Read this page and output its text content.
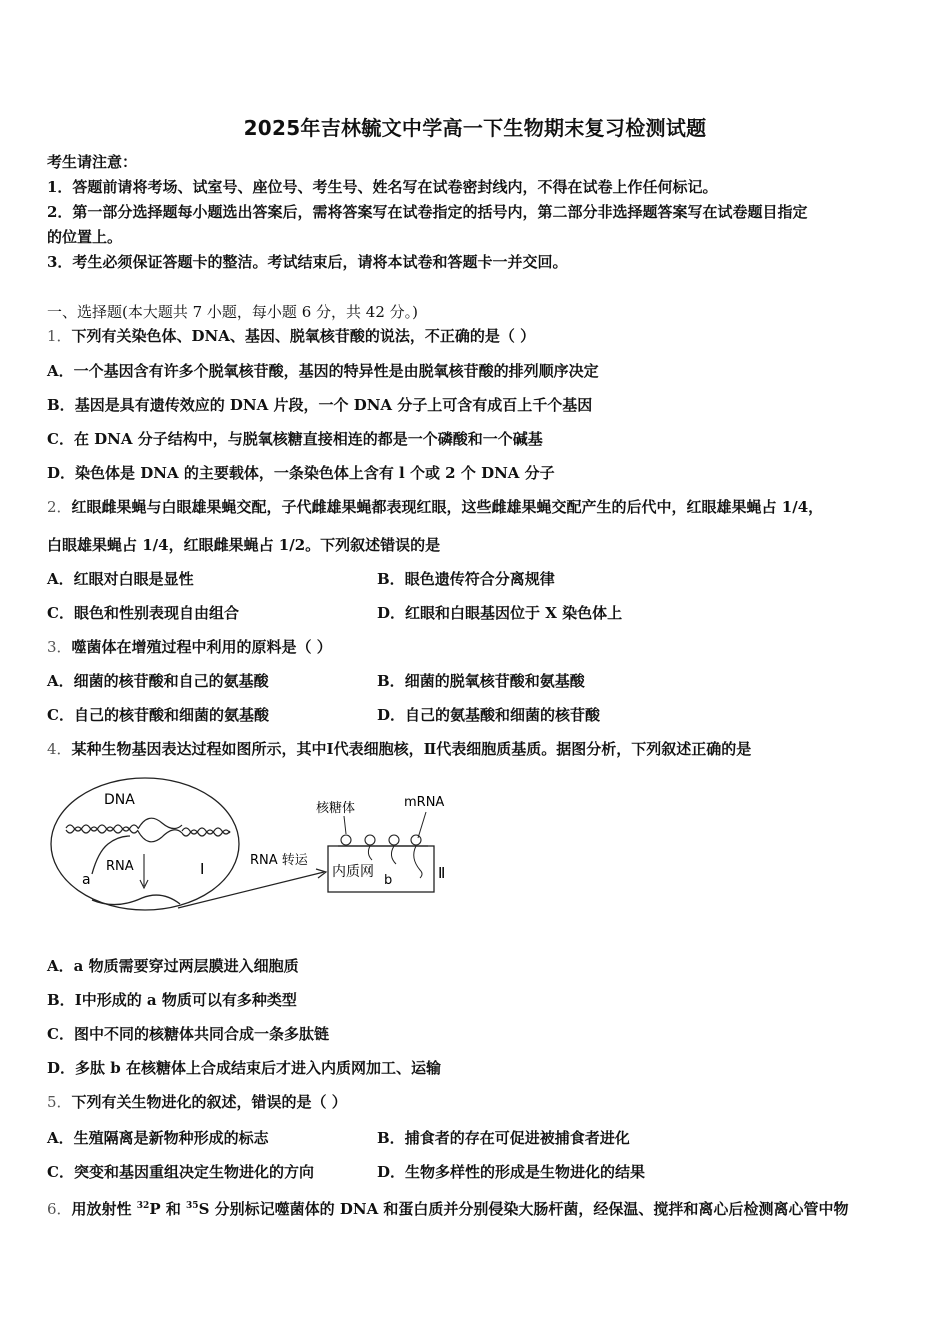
2025年吉林毓文中学高一下生物期末复习检测试题
考生请注意：
1．答题前请将考场、试室号、座位号、考生号、姓名写在试卷密封线内，不得在试卷上作任何标记。
2．第一部分选择题每小题选出答案后，需将答案写在试卷指定的括号内，第二部分非选择题答案写在试卷题目指定
的位置上。
3．考生必须保证答题卡的整洁。考试结束后，请将本试卷和答题卡一并交回。
一、选择题(本大题共 7 小题，每小题 6 分，共 42 分。)
1．下列有关染色体、DNA、基因、脱氧核苷酸的说法，不正确的是（ ）
A．一个基因含有许多个脱氧核苷酸，基因的特异性是由脱氧核苷酸的排列顺序决定
B．基因是具有遗传效应的 DNA 片段，一个 DNA 分子上可含有成百上千个基因
C．在 DNA 分子结构中，与脱氧核糖直接相连的都是一个磷酸和一个碱基
D．染色体是 DNA 的主要载体，一条染色体上含有 l 个或 2 个 DNA 分子
2．红眼雌果蝇与白眼雄果蝇交配，子代雌雄果蝇都表现红眼，这些雌雄果蝇交配产生的后代中，红眼雄果蝇占 1/4，
白眼雄果蝇占 1/4，红眼雌果蝇占 1/2。下列叙述错误的是
A．红眼对白眼是显性	B．眼色遗传符合分离规律
C．眼色和性别表现自由组合	D．红眼和白眼基因位于 X 染色体上
3．噬菌体在增殖过程中利用的原料是（ ）
A．细菌的核苷酸和自己的氨基酸	B．细菌的脱氧核苷酸和氨基酸
C．自己的核苷酸和细菌的氨基酸	D．自己的氨基酸和细菌的核苷酸
4．某种生物基因表达过程如图所示，其中Ⅰ代表细胞核，Ⅱ代表细胞质基质。据图分析，下列叙述正确的是
DNA
RNA
a
Ⅰ	RNA 转运
内质网
b	Ⅱ
核糖体	mRNA
A．a 物质需要穿过两层膜进入细胞质
B．Ⅰ中形成的 a 物质可以有多种类型
C．图中不同的核糖体共同合成一条多肽链
D．多肽 b 在核糖体上合成结束后才进入内质网加工、运输
5．下列有关生物进化的叙述，错误的是（ ）
A．生殖隔离是新物种形成的标志	B．捕食者的存在可促进被捕食者进化
C．突变和基因重组决定生物进化的方向	D．生物多样性的形成是生物进化的结果
6．用放射性 $^{32}$P 和 $^{35}$S 分别标记噬菌体的 DNA 和蛋白质并分别侵染大肠杆菌，经保温、搅拌和离心后检测离心管中物
